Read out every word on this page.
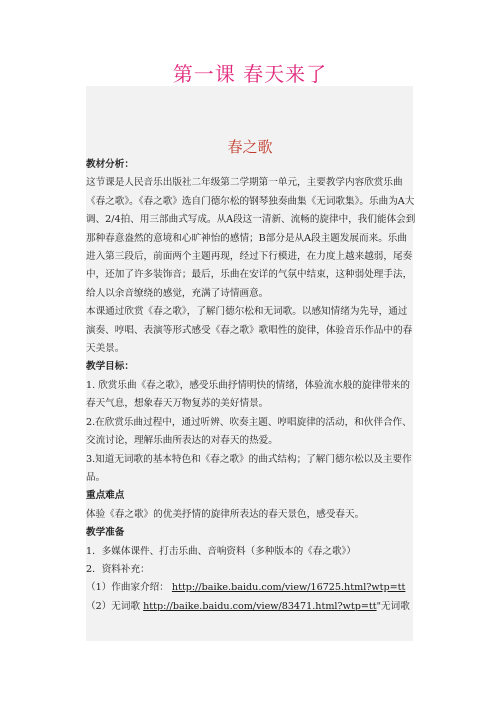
第一课 春天来了
春之歌

教材分析：

这节课是人民音乐出版社二年级第二学期第一单元，主要教学内容欣赏乐曲《春之歌》。《春之歌》选自门德尔松的钢琴独奏曲集《无词歌集》。乐曲为A大调、2/4拍、用三部曲式写成。从A段这一清新、流畅的旋律中，我们能体会到那种春意盎然的意境和心旷神怡的感情；B部分是从A段主题发展而来。乐曲进入第三段后，前面两个主题再现，经过下行模进，在力度上越来越弱，尾奏中，还加了许多装饰音；最后，乐曲在安详的气氛中结束，这种弱处理手法，给人以余音缭绕的感觉，充满了诗情画意。

本课通过欣赏《春之歌》，了解门德尔松和无词歌。以感知情绪为先导，通过演奏、哼唱、表演等形式感受《春之歌》歌唱性的旋律，体验音乐作品中的春天美景。

教学目标：

1. 欣赏乐曲《春之歌》，感受乐曲抒情明快的情绪，体验流水般的旋律带来的春天气息，想象春天万物复苏的美好情景。

2.在欣赏乐曲过程中，通过听辨、吹奏主题、哼唱旋律的活动，和伙伴合作、交流讨论，理解乐曲所表达的对春天的热爱。

3.知道无词歌的基本特色和《春之歌》的曲式结构；了解门德尔松以及主要作品。

重点难点

体验《春之歌》的优美抒情的旋律所表达的春天景色，感受春天。

教学准备

1．多媒体课件、打击乐曲、音响资料（多种版本的《春之歌》）

2．资料补充：

（1）作曲家介绍： http://baike.baidu.com/view/16725.html?wtp=tt

（2）无词歌 http://baike.baidu.com/view/83471.html?wtp=tt"无词歌
